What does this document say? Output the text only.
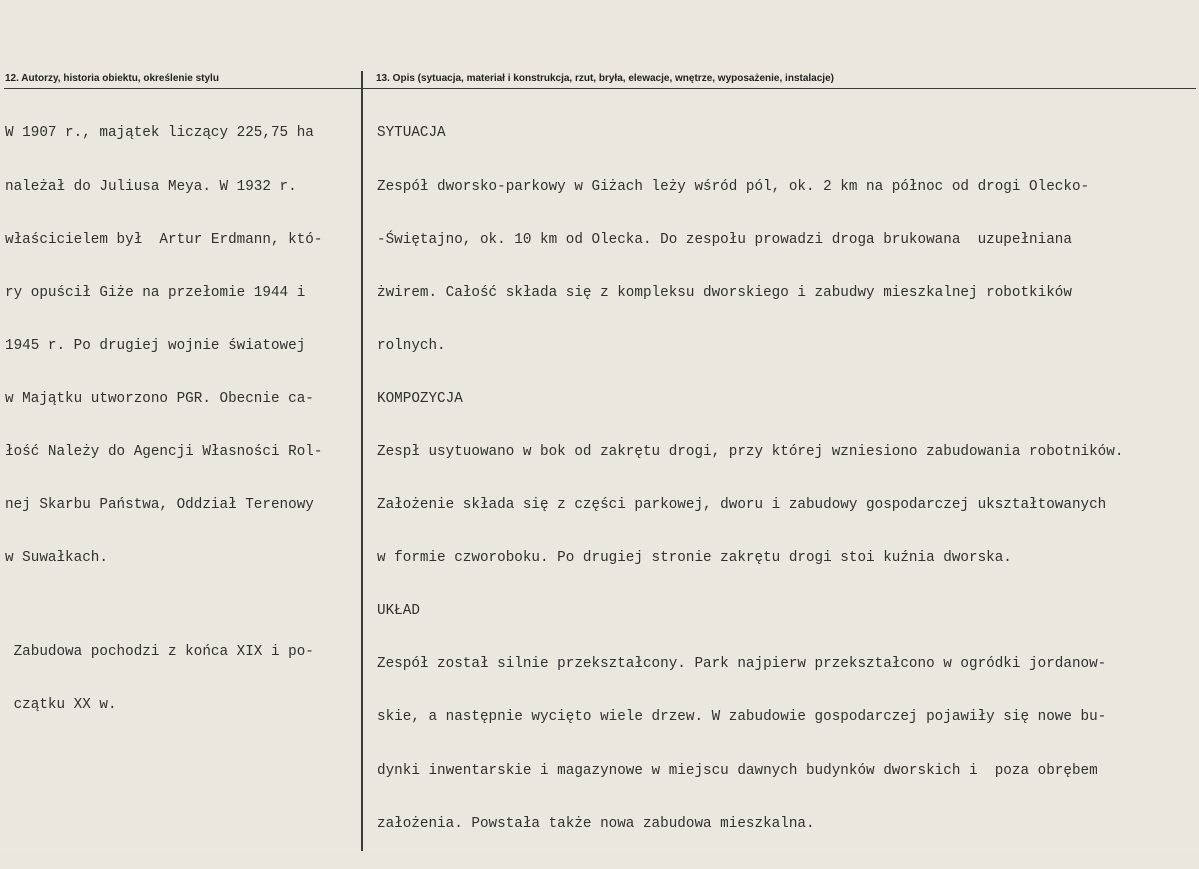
12. Autorzy, historia obiektu, określenie stylu	13. Opis (sytuacja, materiał i konstrukcja, rzut, bryła, elewacje, wnętrze, wyposażenie, instalacje)

W 1907 r., majątek liczący 225,75 ha

należał do Juliusa Meya. W 1932 r.

właścicielem był  Artur Erdmann, któ-

ry opuścił Giże na przełomie 1944 i

1945 r. Po drugiej wojnie światowej

w Majątku utworzono PGR. Obecnie ca-

łość Należy do Agencji Własności Rol-

nej Skarbu Państwa, Oddział Terenowy

w Suwałkach.

Zabudowa pochodzi z końca XIX i po-

czątku XX w.

SYTUACJA

Zespół dworsko-parkowy w Giżach leży wśród pól, ok. 2 km na północ od drogi Olecko-

-Świętajno, ok. 10 km od Olecka. Do zespołu prowadzi droga brukowana  uzupełniana

żwirem. Całość składa się z kompleksu dworskiego i zabudwy mieszkalnej robotkików

rolnych.

KOMPOZYCJA

Zespł usytuowano w bok od zakrętu drogi, przy której wzniesiono zabudowania robotników.

Założenie składa się z części parkowej, dworu i zabudowy gospodarczej ukształtowanych

w formie czworoboku. Po drugiej stronie zakrętu drogi stoi kuźnia dworska.

UKŁAD

Zespół został silnie przekształcony. Park najpierw przekształcono w ogródki jordanow-

skie, a następnie wycięto wiele drzew. W zabudowie gospodarczej pojawiły się nowe bu-

dynki inwentarskie i magazynowe w miejscu dawnych budynków dworskich i  poza obrębem

założenia. Powstała także nowa zabudowa mieszkalna.
